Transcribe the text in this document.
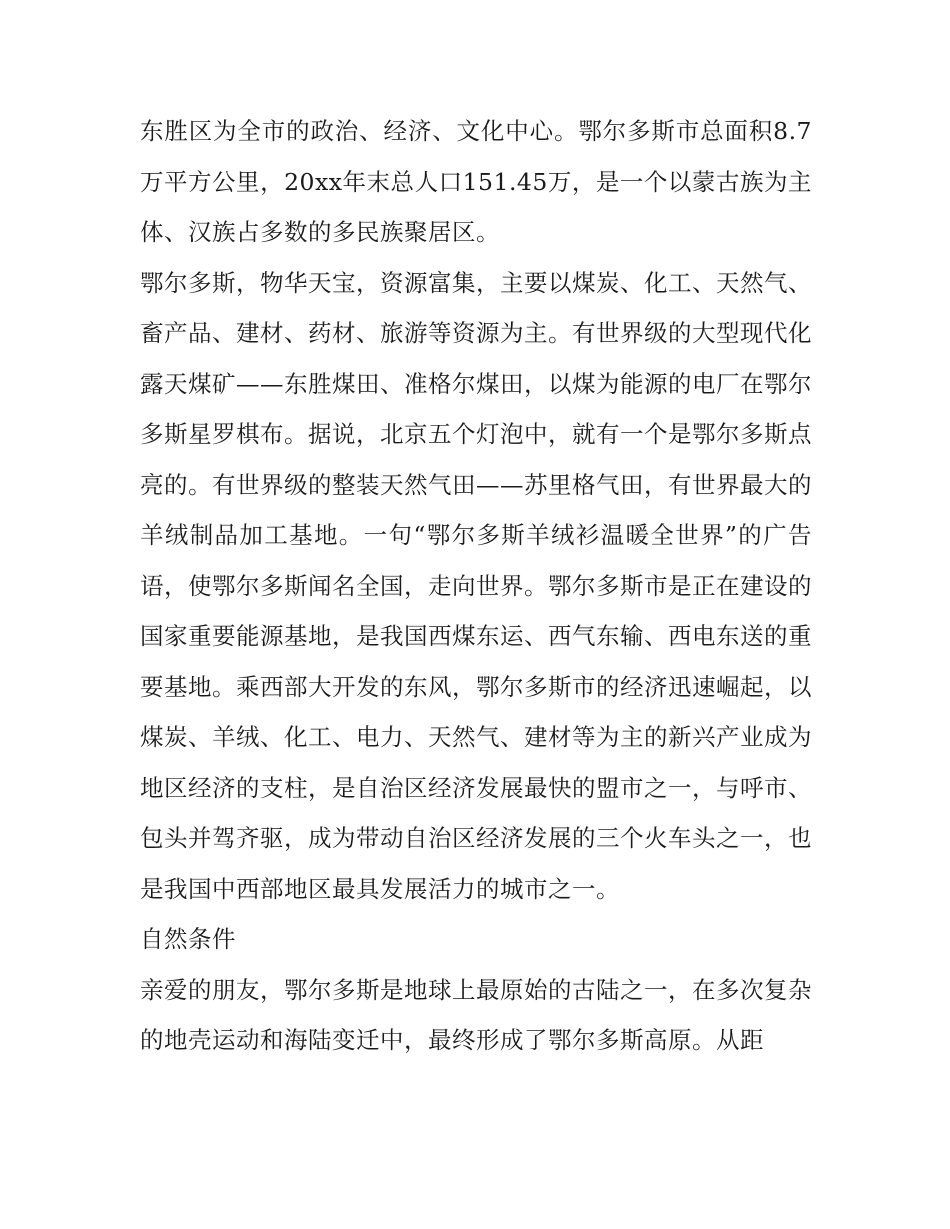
东胜区为全市的政治、经济、文化中心。鄂尔多斯市总面积8.7万平方公里，20xx年末总人口151.45万，是一个以蒙古族为主体、汉族占多数的多民族聚居区。

鄂尔多斯，物华天宝，资源富集，主要以煤炭、化工、天然气、畜产品、建材、药材、旅游等资源为主。有世界级的大型现代化露天煤矿——东胜煤田、准格尔煤田，以煤为能源的电厂在鄂尔多斯星罗棋布。据说，北京五个灯泡中，就有一个是鄂尔多斯点亮的。有世界级的整装天然气田——苏里格气田，有世界最大的羊绒制品加工基地。一句“鄂尔多斯羊绒衫温暖全世界”的广告语，使鄂尔多斯闻名全国，走向世界。鄂尔多斯市是正在建设的国家重要能源基地，是我国西煤东运、西气东输、西电东送的重要基地。乘西部大开发的东风，鄂尔多斯市的经济迅速崛起，以煤炭、羊绒、化工、电力、天然气、建材等为主的新兴产业成为地区经济的支柱，是自治区经济发展最快的盟市之一，与呼市、包头并驾齐驱，成为带动自治区经济发展的三个火车头之一，也是我国中西部地区最具发展活力的城市之一。

自然条件

亲爱的朋友，鄂尔多斯是地球上最原始的古陆之一，在多次复杂的地壳运动和海陆变迁中，最终形成了鄂尔多斯高原。从距
